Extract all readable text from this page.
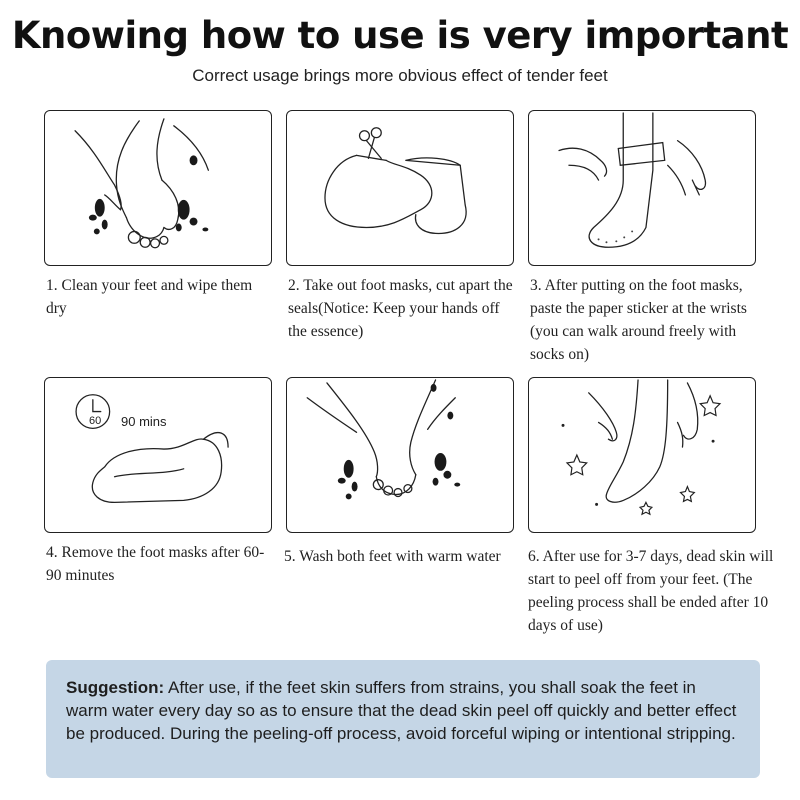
Knowing how to use is very important
Correct usage brings more obvious effect of tender feet
1. Clean your feet and wipe them dry
2. Take out foot masks, cut apart the seals(Notice: Keep your hands off the essence)
3. After putting on the foot masks, paste the paper sticker at the wrists (you can walk around freely with socks on)
60 90 mins
4. Remove the foot masks after 60-90 minutes
5. Wash both feet with warm water 6. After use for 3-7 days, dead skin will start to peel off from your feet. (The peeling process shall be ended after 10 days of use)
Suggestion: After use, if the feet skin suffers from strains, you shall soak the feet in warm water every day so as to ensure that the dead skin peel off quickly and better effect be produced. During the peeling-off process, avoid forceful wiping or intentional stripping.
